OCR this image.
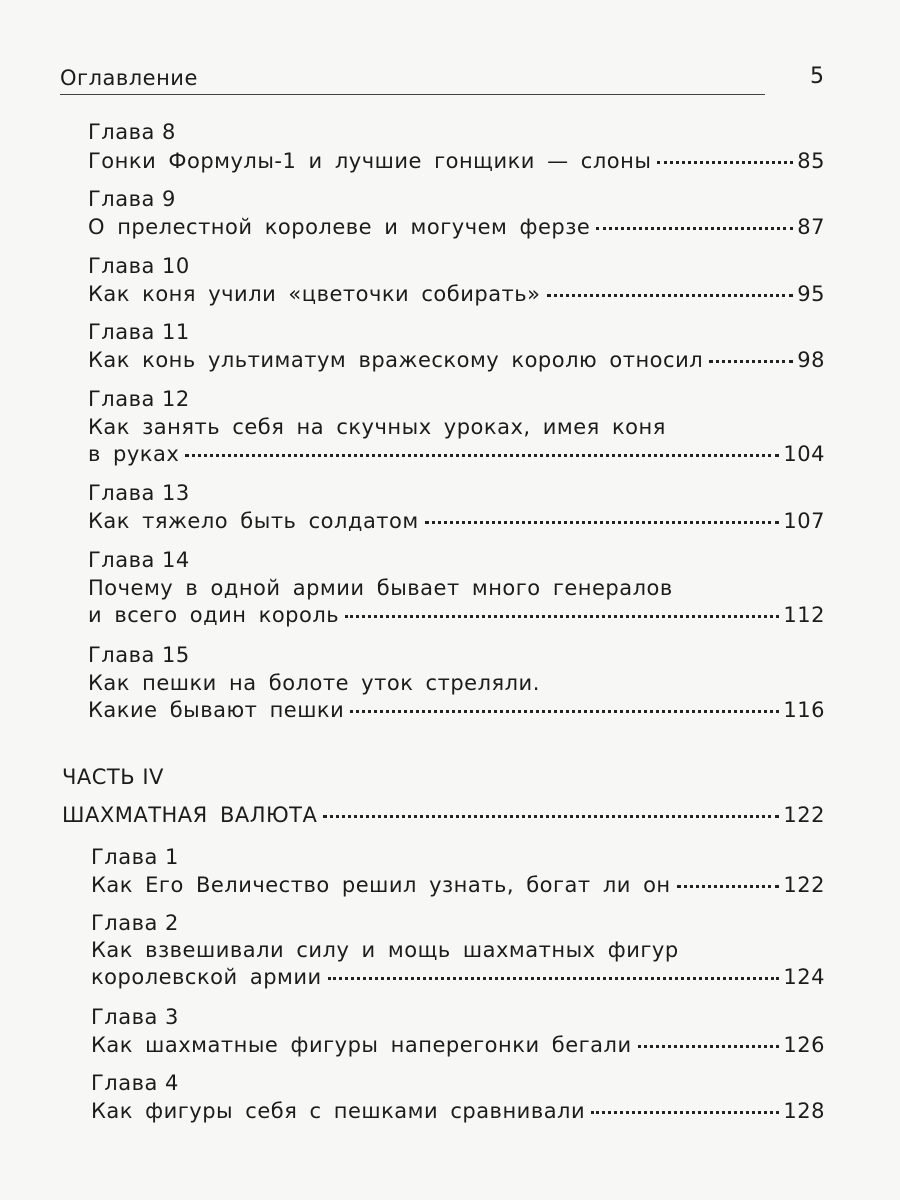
Оглавление	5
Глава 8
Гонки Формулы-1 и лучшие гонщики — слоны	85
Глава 9
О прелестной королеве и могучем ферзе	87
Глава 10
Как коня учили «цветочки собирать»	95
Глава 11
Как конь ультиматум вражескому королю относил	98
Глава 12
Как занять себя на скучных уроках, имея коня
в руках	104
Глава 13
Как тяжело быть солдатом	107
Глава 14
Почему в одной армии бывает много генералов
и всего один король	112
Глава 15
Как пешки на болоте уток стреляли.
Какие бывают пешки	116
ЧАСТЬ IV
ШАХМАТНАЯ ВАЛЮТА	122
Глава 1
Как Его Величество решил узнать, богат ли он	122
Глава 2
Как взвешивали силу и мощь шахматных фигур
королевской армии	124
Глава 3
Как шахматные фигуры наперегонки бегали	126
Глава 4
Как фигуры себя с пешками сравнивали	128
